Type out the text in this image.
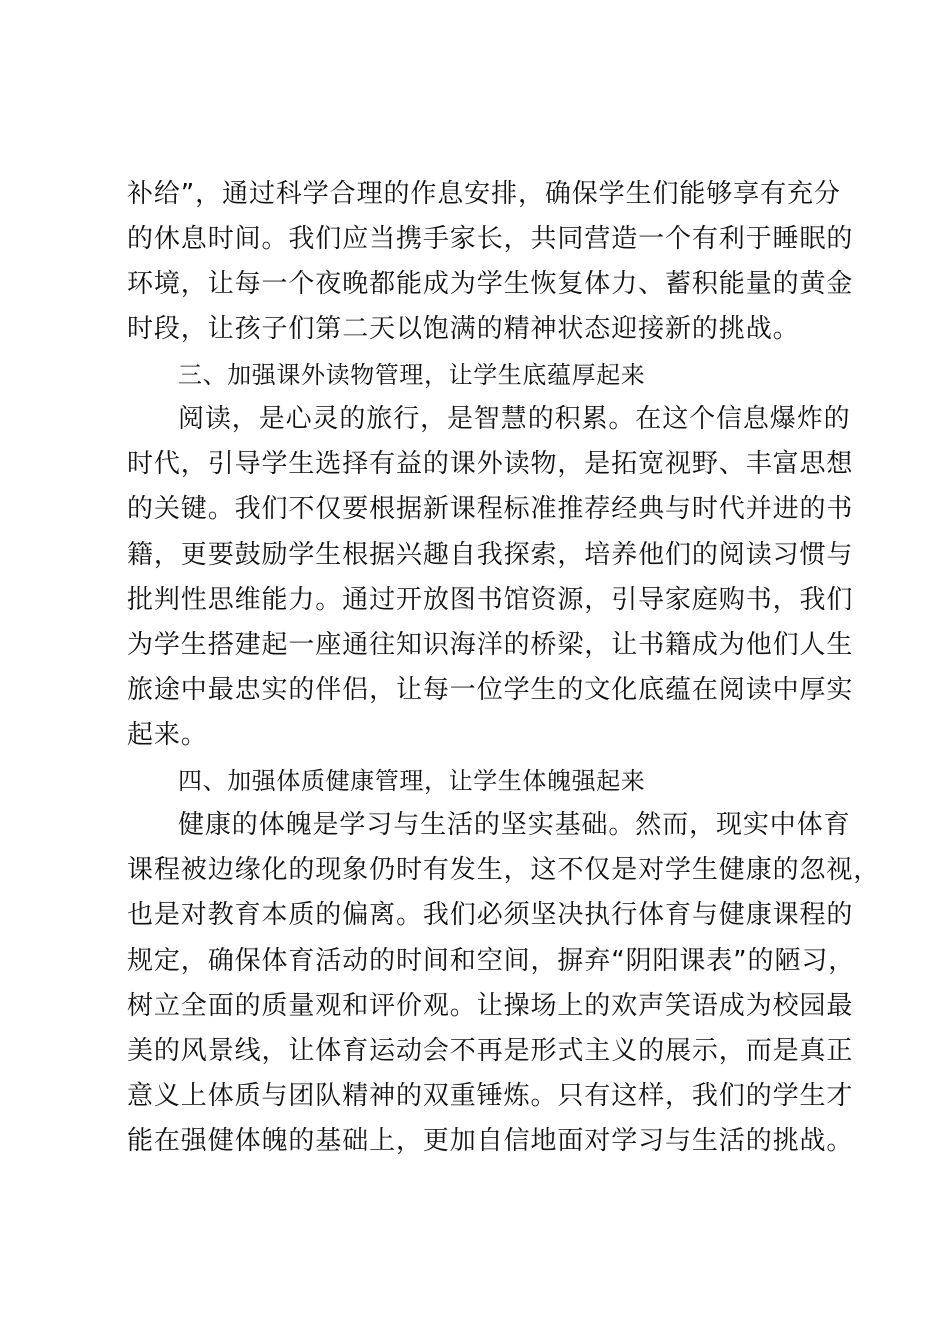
补给”，通过科学合理的作息安排，确保学生们能够享有充分
的休息时间。我们应当携手家长，共同营造一个有利于睡眠的
环境，让每一个夜晚都能成为学生恢复体力、蓄积能量的黄金
时段，让孩子们第二天以饱满的精神状态迎接新的挑战。
三、加强课外读物管理，让学生底蕴厚起来
阅读，是心灵的旅行，是智慧的积累。在这个信息爆炸的
时代，引导学生选择有益的课外读物，是拓宽视野、丰富思想
的关键。我们不仅要根据新课程标准推荐经典与时代并进的书
籍，更要鼓励学生根据兴趣自我探索，培养他们的阅读习惯与
批判性思维能力。通过开放图书馆资源，引导家庭购书，我们
为学生搭建起一座通往知识海洋的桥梁，让书籍成为他们人生
旅途中最忠实的伴侣，让每一位学生的文化底蕴在阅读中厚实
起来。
四、加强体质健康管理，让学生体魄强起来
健康的体魄是学习与生活的坚实基础。然而，现实中体育
课程被边缘化的现象仍时有发生，这不仅是对学生健康的忽视，
也是对教育本质的偏离。我们必须坚决执行体育与健康课程的
规定，确保体育活动的时间和空间，摒弃“阴阳课表”的陋习，
树立全面的质量观和评价观。让操场上的欢声笑语成为校园最
美的风景线，让体育运动会不再是形式主义的展示，而是真正
意义上体质与团队精神的双重锤炼。只有这样，我们的学生才
能在强健体魄的基础上，更加自信地面对学习与生活的挑战。
